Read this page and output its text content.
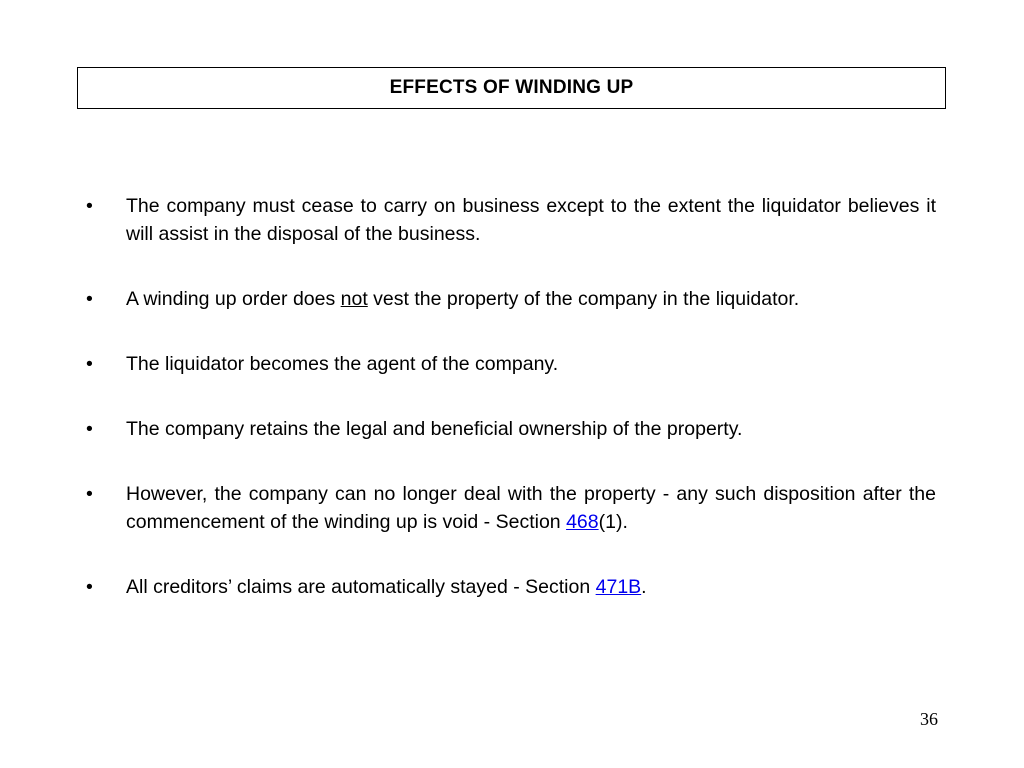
EFFECTS OF WINDING UP
•	The company must cease to carry on business except to the extent the liquidator believes it will assist in the disposal of the business.
•	A winding up order does not vest the property of the company in the liquidator.
•	The liquidator becomes the agent of the company.
•	The company retains the legal and beneficial ownership of the property.
•	However, the company can no longer deal with the property - any such disposition after the commencement of the winding up is void - Section 468(1).
•	All creditors’ claims are automatically stayed - Section 471B.
36
